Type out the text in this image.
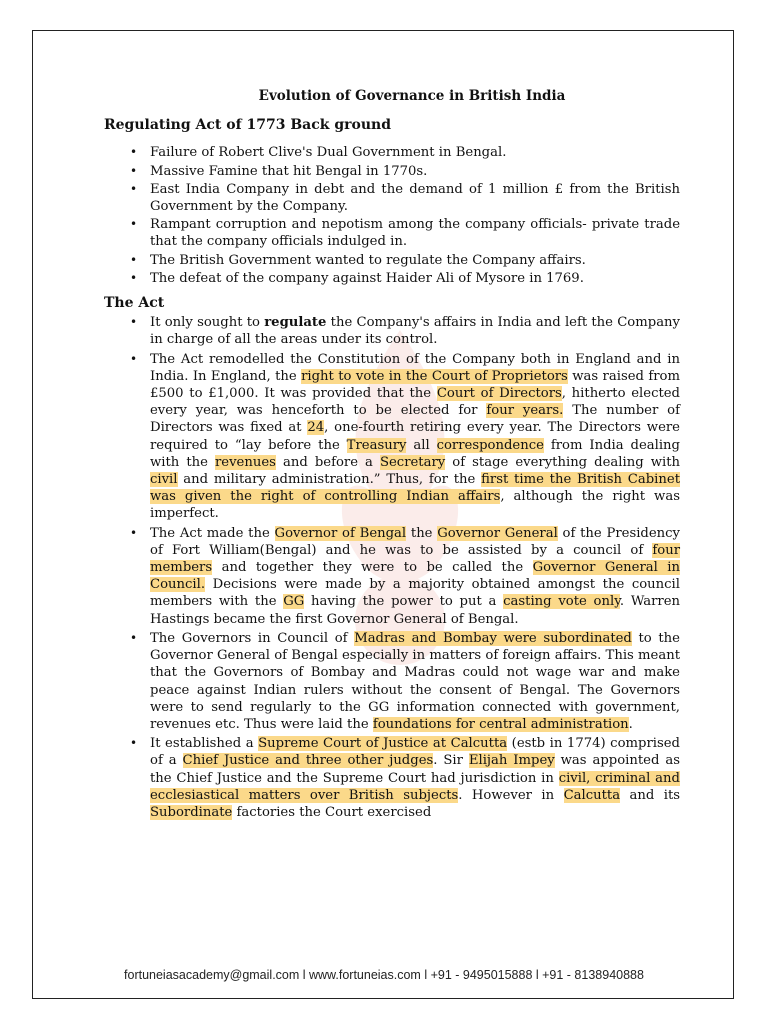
Evolution of Governance in British India
Regulating Act of 1773 Back ground
• Failure of Robert Clive's Dual Government in Bengal.
• Massive Famine that hit Bengal in 1770s.
• East India Company in debt and the demand of 1 million £ from the British Government by the Company.
• Rampant corruption and nepotism among the company officials- private trade that the company officials indulged in.
• The British Government wanted to regulate the Company affairs.
• The defeat of the company against Haider Ali of Mysore in 1769.
The Act
• It only sought to regulate the Company's affairs in India and left the Company in charge of all the areas under its control.
• The Act remodelled the Constitution of the Company both in England and in India. In England, the right to vote in the Court of Proprietors was raised from £500 to £1,000. It was provided that the Court of Directors, hitherto elected every year, was henceforth to be elected for four years. The number of Directors was fixed at 24, one-fourth retiring every year. The Directors were required to “lay before the Treasury all correspondence from India dealing with the revenues and before a Secretary of stage everything dealing with civil and military administration.” Thus, for the first time the British Cabinet was given the right of controlling Indian affairs, although the right was imperfect.
• The Act made the Governor of Bengal the Governor General of the Presidency of Fort William(Bengal) and he was to be assisted by a council of four members and together they were to be called the Governor General in Council. Decisions were made by a majority obtained amongst the council members with the GG having the power to put a casting vote only. Warren Hastings became the first Governor General of Bengal.
• The Governors in Council of Madras and Bombay were subordinated to the Governor General of Bengal especially in matters of foreign affairs. This meant that the Governors of Bombay and Madras could not wage war and make peace against Indian rulers without the consent of Bengal. The Governors were to send regularly to the GG information connected with government, revenues etc. Thus were laid the foundations for central administration.
• It established a Supreme Court of Justice at Calcutta (estb in 1774) comprised of a Chief Justice and three other judges. Sir Elijah Impey was appointed as the Chief Justice and the Supreme Court had jurisdiction in civil, criminal and ecclesiastical matters over British subjects. However in Calcutta and its Subordinate factories the Court exercised
fortuneiasacademy@gmail.com l www.fortuneias.com l +91 - 9495015888 l +91 - 8138940888
